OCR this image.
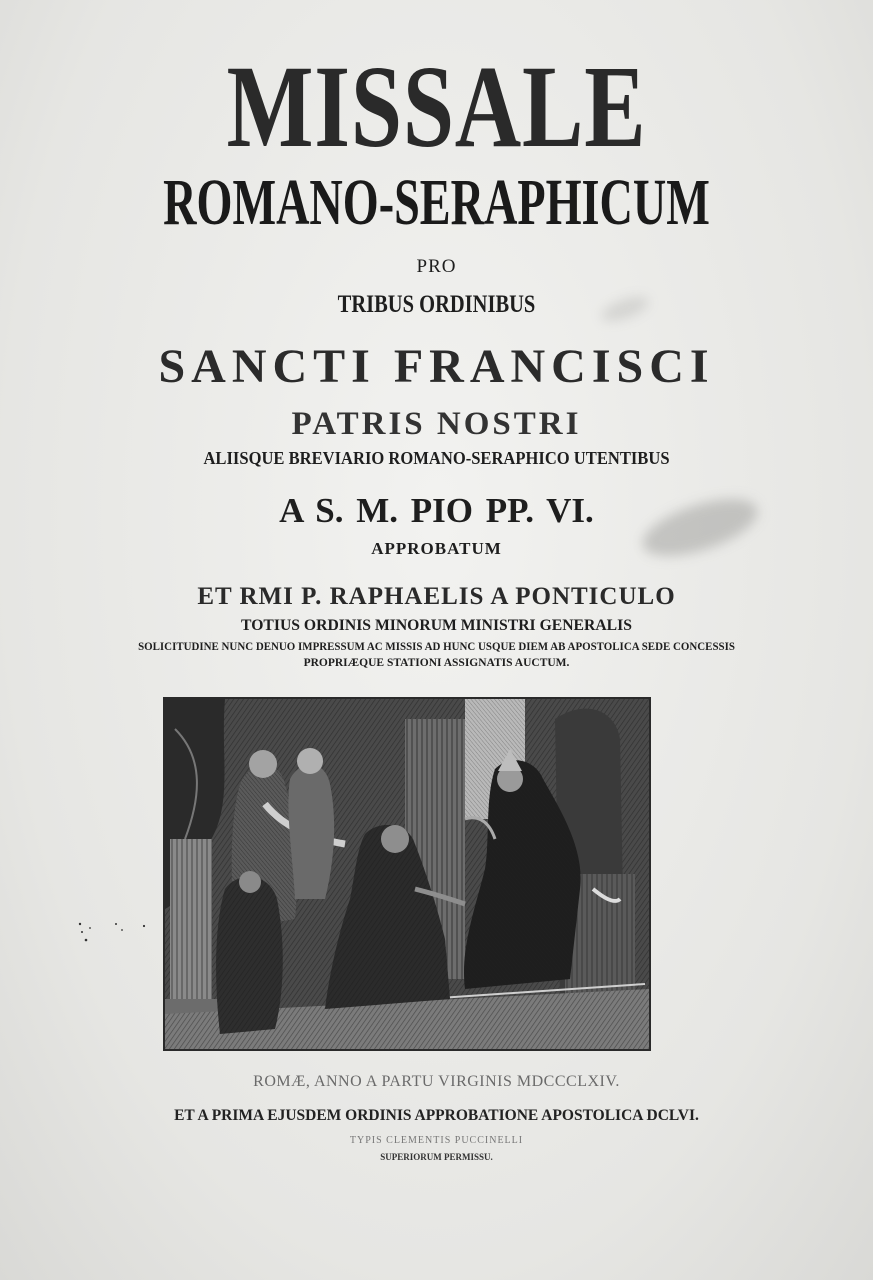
MISSALE
ROMANO-SERAPHICUM
PRO
TRIBUS ORDINIBUS
SANCTI FRANCISCI
PATRIS NOSTRI
ALIISQUE BREVIARIO ROMANO-SERAPHICO UTENTIBUS
A S. M. PIO PP. VI.
APPROBATUM
ET RMI P. RAPHAELIS A PONTICULO
TOTIUS ORDINIS MINORUM MINISTRI GENERALIS
SOLICITUDINE NUNC DENUO IMPRESSUM AC MISSIS AD HUNC USQUE DIEM AB APOSTOLICA SEDE CONCESSIS
PROPRIÆQUE STATIONI ASSIGNATIS AUCTUM.
ROMÆ, ANNO A PARTU VIRGINIS MDCCCLXIV.
ET A PRIMA EJUSDEM ORDINIS APPROBATIONE APOSTOLICA DCLVI.
TYPIS CLEMENTIS PUCCINELLI
SUPERIORUM PERMISSU.
